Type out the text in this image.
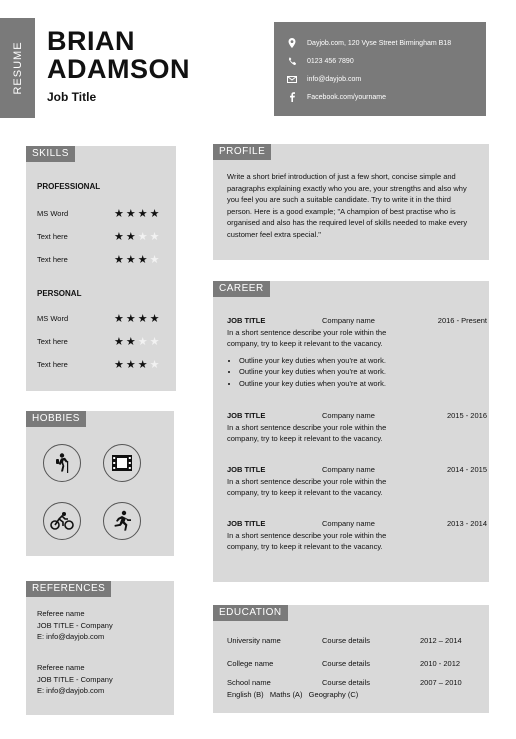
RESUME
BRIAN
ADAMSON
Job Title
Dayjob.com, 120 Vyse Street Birmingham B18
0123 456 7890
info@dayjob.com
Facebook.com/yourname
SKILLS
PROFESSIONAL
MS Word	★★★★
Text here	★★★★
Text here	★★★★
PERSONAL
MS Word	★★★★
Text here	★★★★
Text here	★★★★
HOBBIES
REFERENCES
Referee name
JOB TITLE - Company
E: info@dayjob.com
Referee name
JOB TITLE - Company
E: info@dayjob.com
PROFILE
Write a short brief introduction of just a few short, concise simple and paragraphs explaining exactly who you are, your strengths and also why you feel you are such a suitable candidate. Try to write it in the third person. Here is a good example; "A champion of best practise who is organised and also has the required level of skills needed to make every customer feel extra special."
CAREER
JOB TITLE	Company name	2016 - Present
In a short sentence describe your role within the company, try to keep it relevant to the vacancy.
• Outline your key duties when you're at work.
• Outline your key duties when you're at work.
• Outline your key duties when you're at work.
JOB TITLE	Company name	2015 - 2016
In a short sentence describe your role within the company, try to keep it relevant to the vacancy.
JOB TITLE	Company name	2014 - 2015
In a short sentence describe your role within the company, try to keep it relevant to the vacancy.
JOB TITLE	Company name	2013 - 2014
In a short sentence describe your role within the company, try to keep it relevant to the vacancy.
EDUCATION
University name	Course details	2012 – 2014
College name	Course details	2010 - 2012
School name	Course details	2007 – 2010
English (B)   Maths (A)   Geography (C)
